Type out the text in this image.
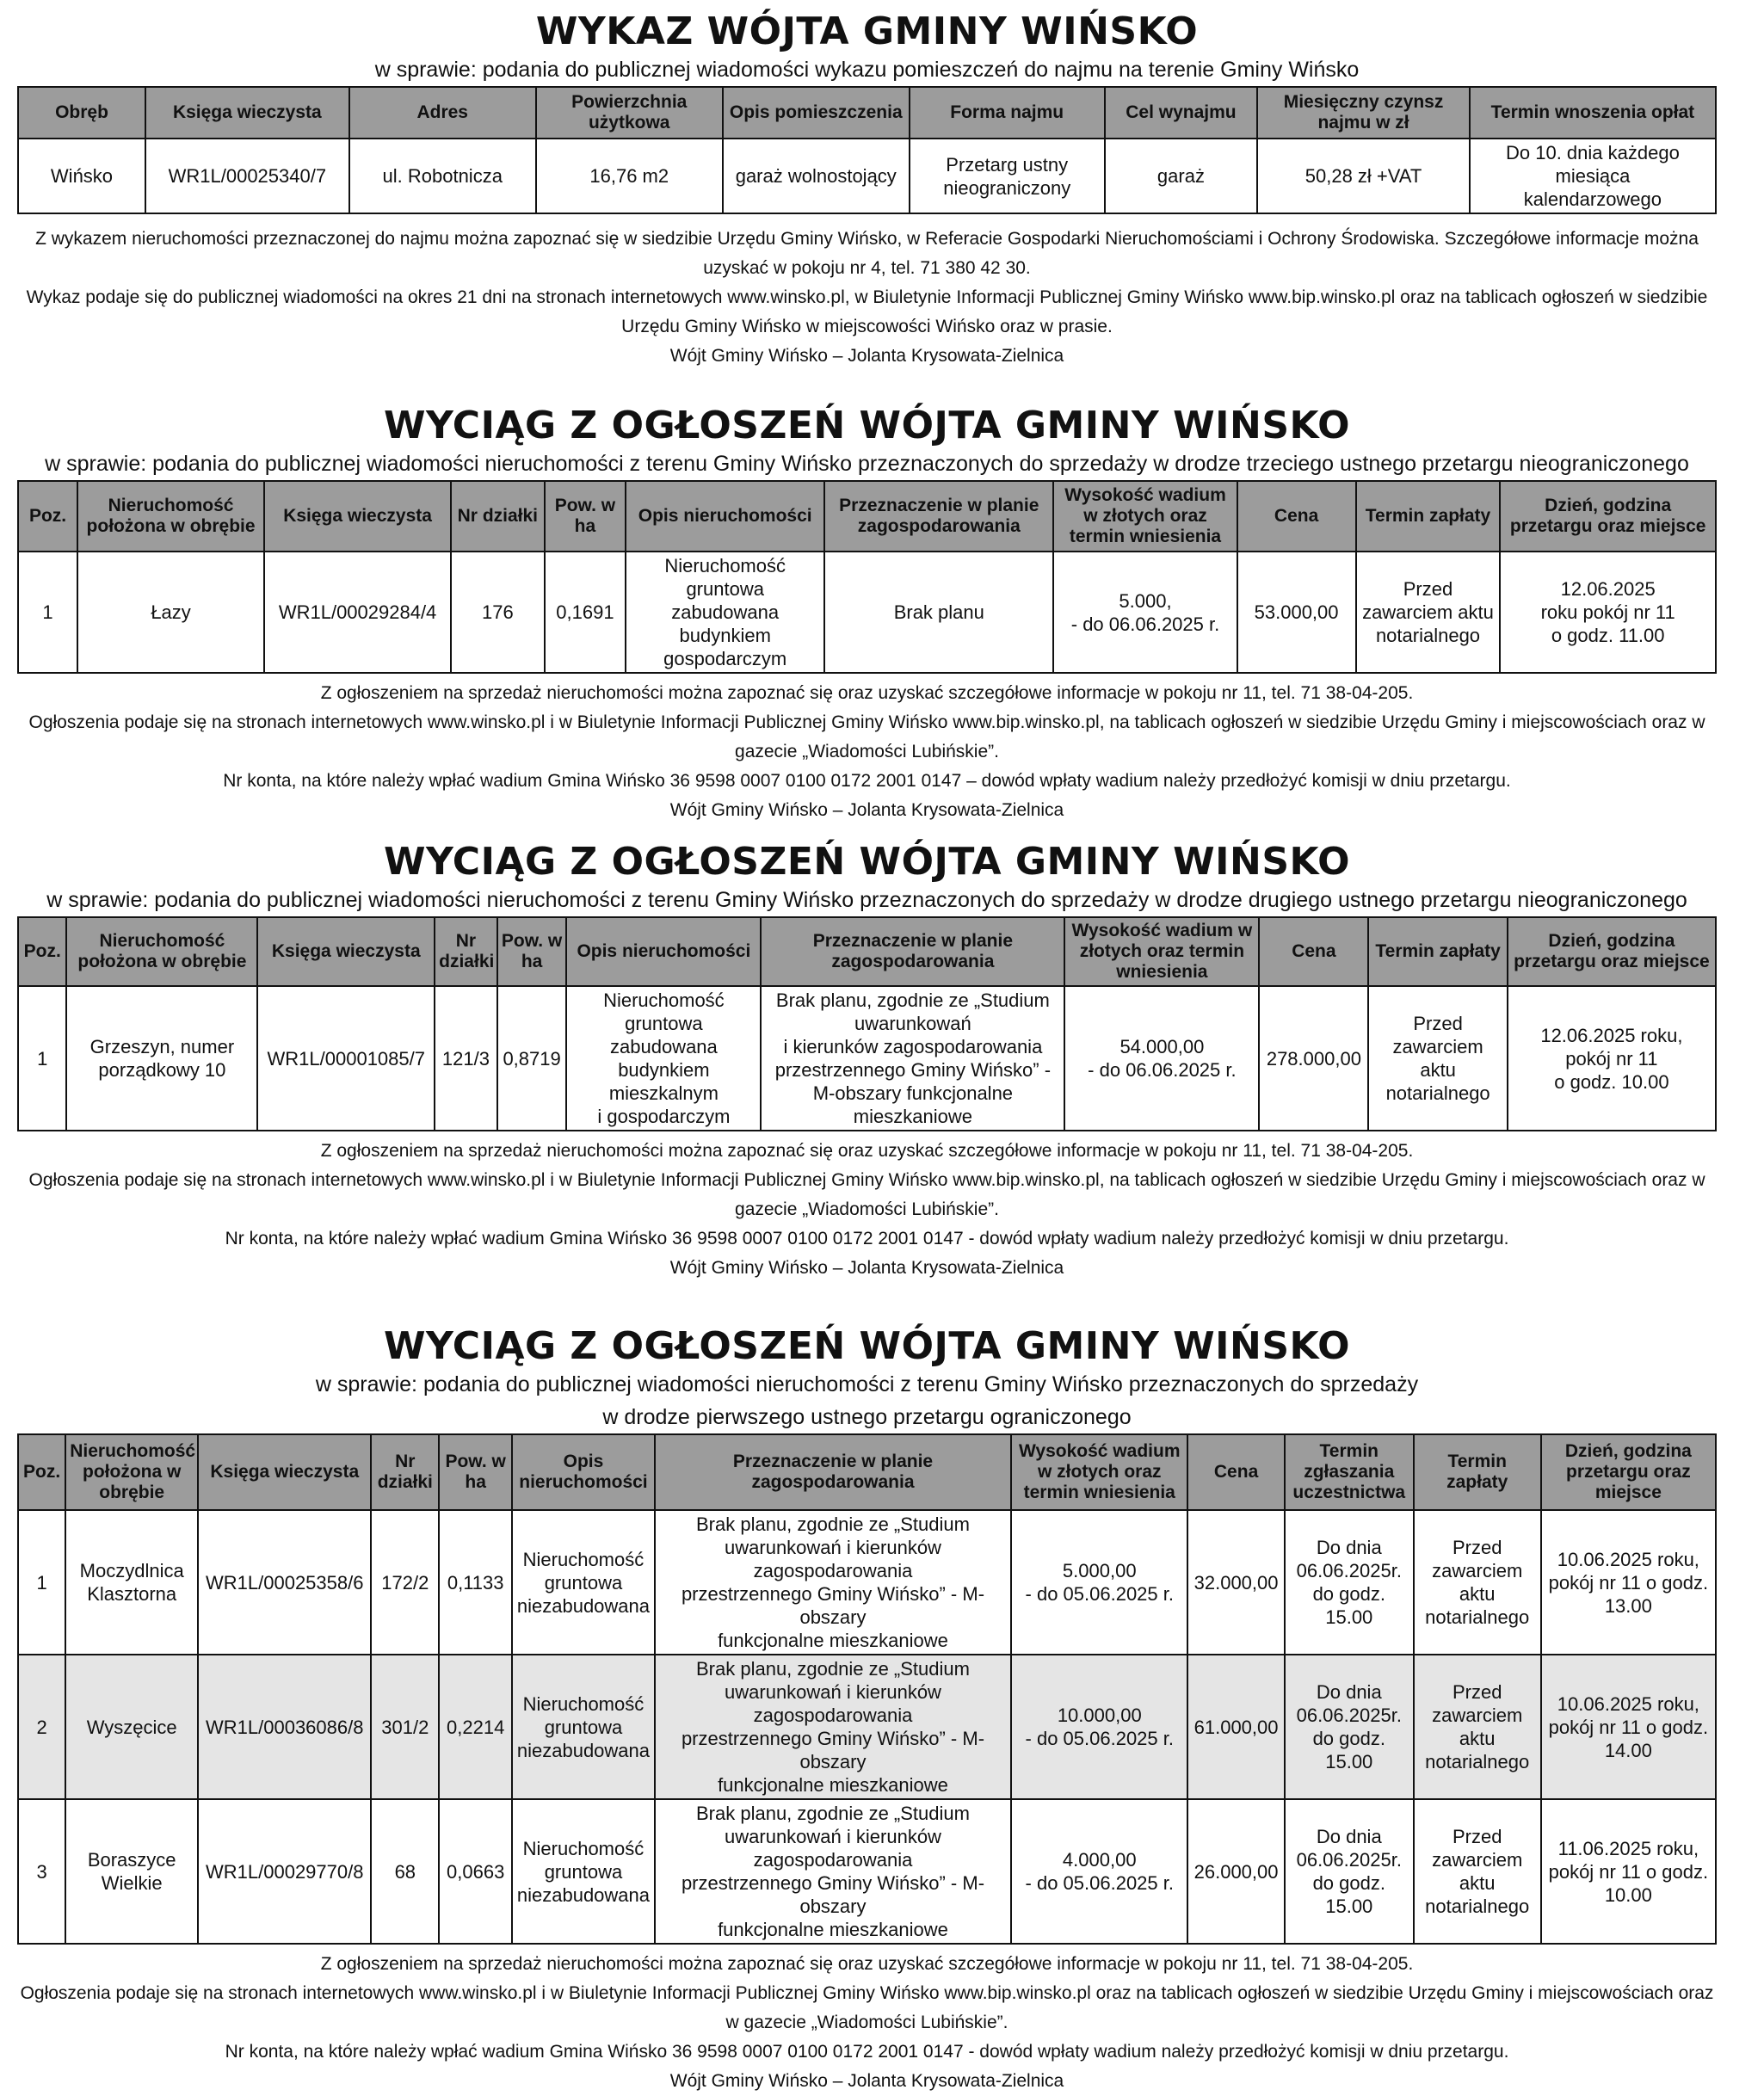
WYKAZ WÓJTA GMINY WIŃSKO
w sprawie: podania do publicznej wiadomości wykazu pomieszczeń do najmu na terenie Gminy Wińsko
Obręb	Księga wieczysta	Adres	Powierzchnia użytkowa	Opis pomieszczenia	Forma najmu	Cel wynajmu	Miesięczny czynsz najmu w zł	Termin wnoszenia opłat
Wińsko	WR1L/00025340/7	ul. Robotnicza	16,76 m2	garaż wolnostojący	Przetarg ustny
nieograniczony	garaż	50,28 zł +VAT	Do 10. dnia każdego miesiąca
kalendarzowego

Z wykazem nieruchomości przeznaczonej do najmu można zapoznać się w siedzibie Urzędu Gminy Wińsko, w Referacie Gospodarki Nieruchomościami i Ochrony Środowiska. Szczegółowe informacje można uzyskać w pokoju nr 4, tel. 71 380 42 30.

Wykaz podaje się do publicznej wiadomości na okres 21 dni na stronach internetowych www.winsko.pl, w Biuletynie Informacji Publicznej Gminy Wińsko www.bip.winsko.pl oraz na tablicach ogłoszeń w siedzibie Urzędu Gminy Wińsko w miejscowości Wińsko oraz w prasie.

Wójt Gminy Wińsko – Jolanta Krysowata-Zielnica

WYCIĄG Z OGŁOSZEŃ WÓJTA GMINY WIŃSKO
w sprawie: podania do publicznej wiadomości nieruchomości z terenu Gminy Wińsko przeznaczonych do sprzedaży w drodze trzeciego ustnego przetargu nieograniczonego
Poz.	Nieruchomość położona w obrębie	Księga wieczysta	Nr działki	Pow. w ha	Opis nieruchomości	Przeznaczenie w planie zagospodarowania	Wysokość wadium w złotych oraz termin wniesienia	Cena	Termin zapłaty	Dzień, godzina przetargu oraz miejsce
1	Łazy	WR1L/00029284/4	176	0,1691	Nieruchomość gruntowa
zabudowana budynkiem
gospodarczym	Brak planu	5.000,
- do 06.06.2025 r.	53.000,00	Przed
zawarciem aktu
notarialnego	12.06.2025
roku pokój nr 11
o godz. 11.00

Z ogłoszeniem na sprzedaż nieruchomości można zapoznać się oraz uzyskać szczegółowe informacje w pokoju nr 11, tel. 71 38-04-205.

Ogłoszenia podaje się na stronach internetowych www.winsko.pl i w Biuletynie Informacji Publicznej Gminy Wińsko www.bip.winsko.pl, na tablicach ogłoszeń w siedzibie Urzędu Gminy i miejscowościach oraz w gazecie „Wiadomości Lubińskie”.

Nr konta, na które należy wpłać wadium Gmina Wińsko 36 9598 0007 0100 0172 2001 0147 – dowód wpłaty wadium należy przedłożyć komisji w dniu przetargu.

Wójt Gminy Wińsko – Jolanta Krysowata-Zielnica

WYCIĄG Z OGŁOSZEŃ WÓJTA GMINY WIŃSKO
w sprawie: podania do publicznej wiadomości nieruchomości z terenu Gminy Wińsko przeznaczonych do sprzedaży w drodze drugiego ustnego przetargu nieograniczonego
Poz.	Nieruchomość położona w obrębie	Księga wieczysta	Nr działki	Pow. w ha	Opis nieruchomości	Przeznaczenie w planie zagospodarowania	Wysokość wadium w złotych oraz termin wniesienia	Cena	Termin zapłaty	Dzień, godzina przetargu oraz miejsce
1	Grzeszyn, numer
porządkowy 10	WR1L/00001085/7	121/3	0,8719	Nieruchomość
gruntowa zabudowana
budynkiem
mieszkalnym
i gospodarczym	Brak planu, zgodnie ze „Studium
uwarunkowań
i kierunków zagospodarowania
przestrzennego Gminy Wińsko” -
M-obszary funkcjonalne mieszkaniowe	54.000,00
- do 06.06.2025 r.	278.000,00	Przed
zawarciem aktu
notarialnego	12.06.2025 roku,
pokój nr 11
o godz. 10.00

Z ogłoszeniem na sprzedaż nieruchomości można zapoznać się oraz uzyskać szczegółowe informacje w pokoju nr 11, tel. 71 38-04-205.

Ogłoszenia podaje się na stronach internetowych www.winsko.pl i w Biuletynie Informacji Publicznej Gminy Wińsko www.bip.winsko.pl, na tablicach ogłoszeń w siedzibie Urzędu Gminy i miejscowościach oraz w gazecie „Wiadomości Lubińskie”.

Nr konta, na które należy wpłać wadium Gmina Wińsko 36 9598 0007 0100 0172 2001 0147 - dowód wpłaty wadium należy przedłożyć komisji w dniu przetargu.

Wójt Gminy Wińsko – Jolanta Krysowata-Zielnica

WYCIĄG Z OGŁOSZEŃ WÓJTA GMINY WIŃSKO
w sprawie: podania do publicznej wiadomości nieruchomości z terenu Gminy Wińsko przeznaczonych do sprzedaży
w drodze pierwszego ustnego przetargu ograniczonego
Poz.	Nieruchomość położona w obrębie	Księga wieczysta	Nr działki	Pow. w ha	Opis nieruchomości	Przeznaczenie w planie zagospodarowania	Wysokość wadium w złotych oraz termin wniesienia	Cena	Termin zgłaszania uczestnictwa	Termin zapłaty	Dzień, godzina przetargu oraz miejsce
1	Moczydlnica
Klasztorna	WR1L/00025358/6	172/2	0,1133	Nieruchomość
gruntowa
niezabudowana	Brak planu, zgodnie ze „Studium
uwarunkowań i kierunków zagospodarowania
przestrzennego Gminy Wińsko” - M-obszary
funkcjonalne mieszkaniowe	5.000,00
- do 05.06.2025 r.	32.000,00	Do dnia
06.06.2025r.
do godz. 15.00	Przed
zawarciem
aktu
notarialnego	10.06.2025 roku,
pokój nr 11 o godz.
13.00
2	Wyszęcice	WR1L/00036086/8	301/2	0,2214	Nieruchomość
gruntowa
niezabudowana	Brak planu, zgodnie ze „Studium
uwarunkowań i kierunków zagospodarowania
przestrzennego Gminy Wińsko” - M-obszary
funkcjonalne mieszkaniowe	10.000,00
- do 05.06.2025 r.	61.000,00	Do dnia
06.06.2025r.
do godz. 15.00	Przed
zawarciem
aktu
notarialnego	10.06.2025 roku,
pokój nr 11 o godz.
14.00
3	Boraszyce
Wielkie	WR1L/00029770/8	68	0,0663	Nieruchomość
gruntowa
niezabudowana	Brak planu, zgodnie ze „Studium
uwarunkowań i kierunków zagospodarowania
przestrzennego Gminy Wińsko” - M-obszary
funkcjonalne mieszkaniowe	4.000,00
- do 05.06.2025 r.	26.000,00	Do dnia
06.06.2025r.
do godz. 15.00	Przed
zawarciem
aktu
notarialnego	11.06.2025 roku,
pokój nr 11 o godz.
10.00

Z ogłoszeniem na sprzedaż nieruchomości można zapoznać się oraz uzyskać szczegółowe informacje w pokoju nr 11, tel. 71 38-04-205.

Ogłoszenia podaje się na stronach internetowych www.winsko.pl i w Biuletynie Informacji Publicznej Gminy Wińsko www.bip.winsko.pl oraz na tablicach ogłoszeń w siedzibie Urzędu Gminy i miejscowościach oraz w gazecie „Wiadomości Lubińskie”.

Nr konta, na które należy wpłać wadium Gmina Wińsko 36 9598 0007 0100 0172 2001 0147 - dowód wpłaty wadium należy przedłożyć komisji w dniu przetargu.

Wójt Gminy Wińsko – Jolanta Krysowata-Zielnica
